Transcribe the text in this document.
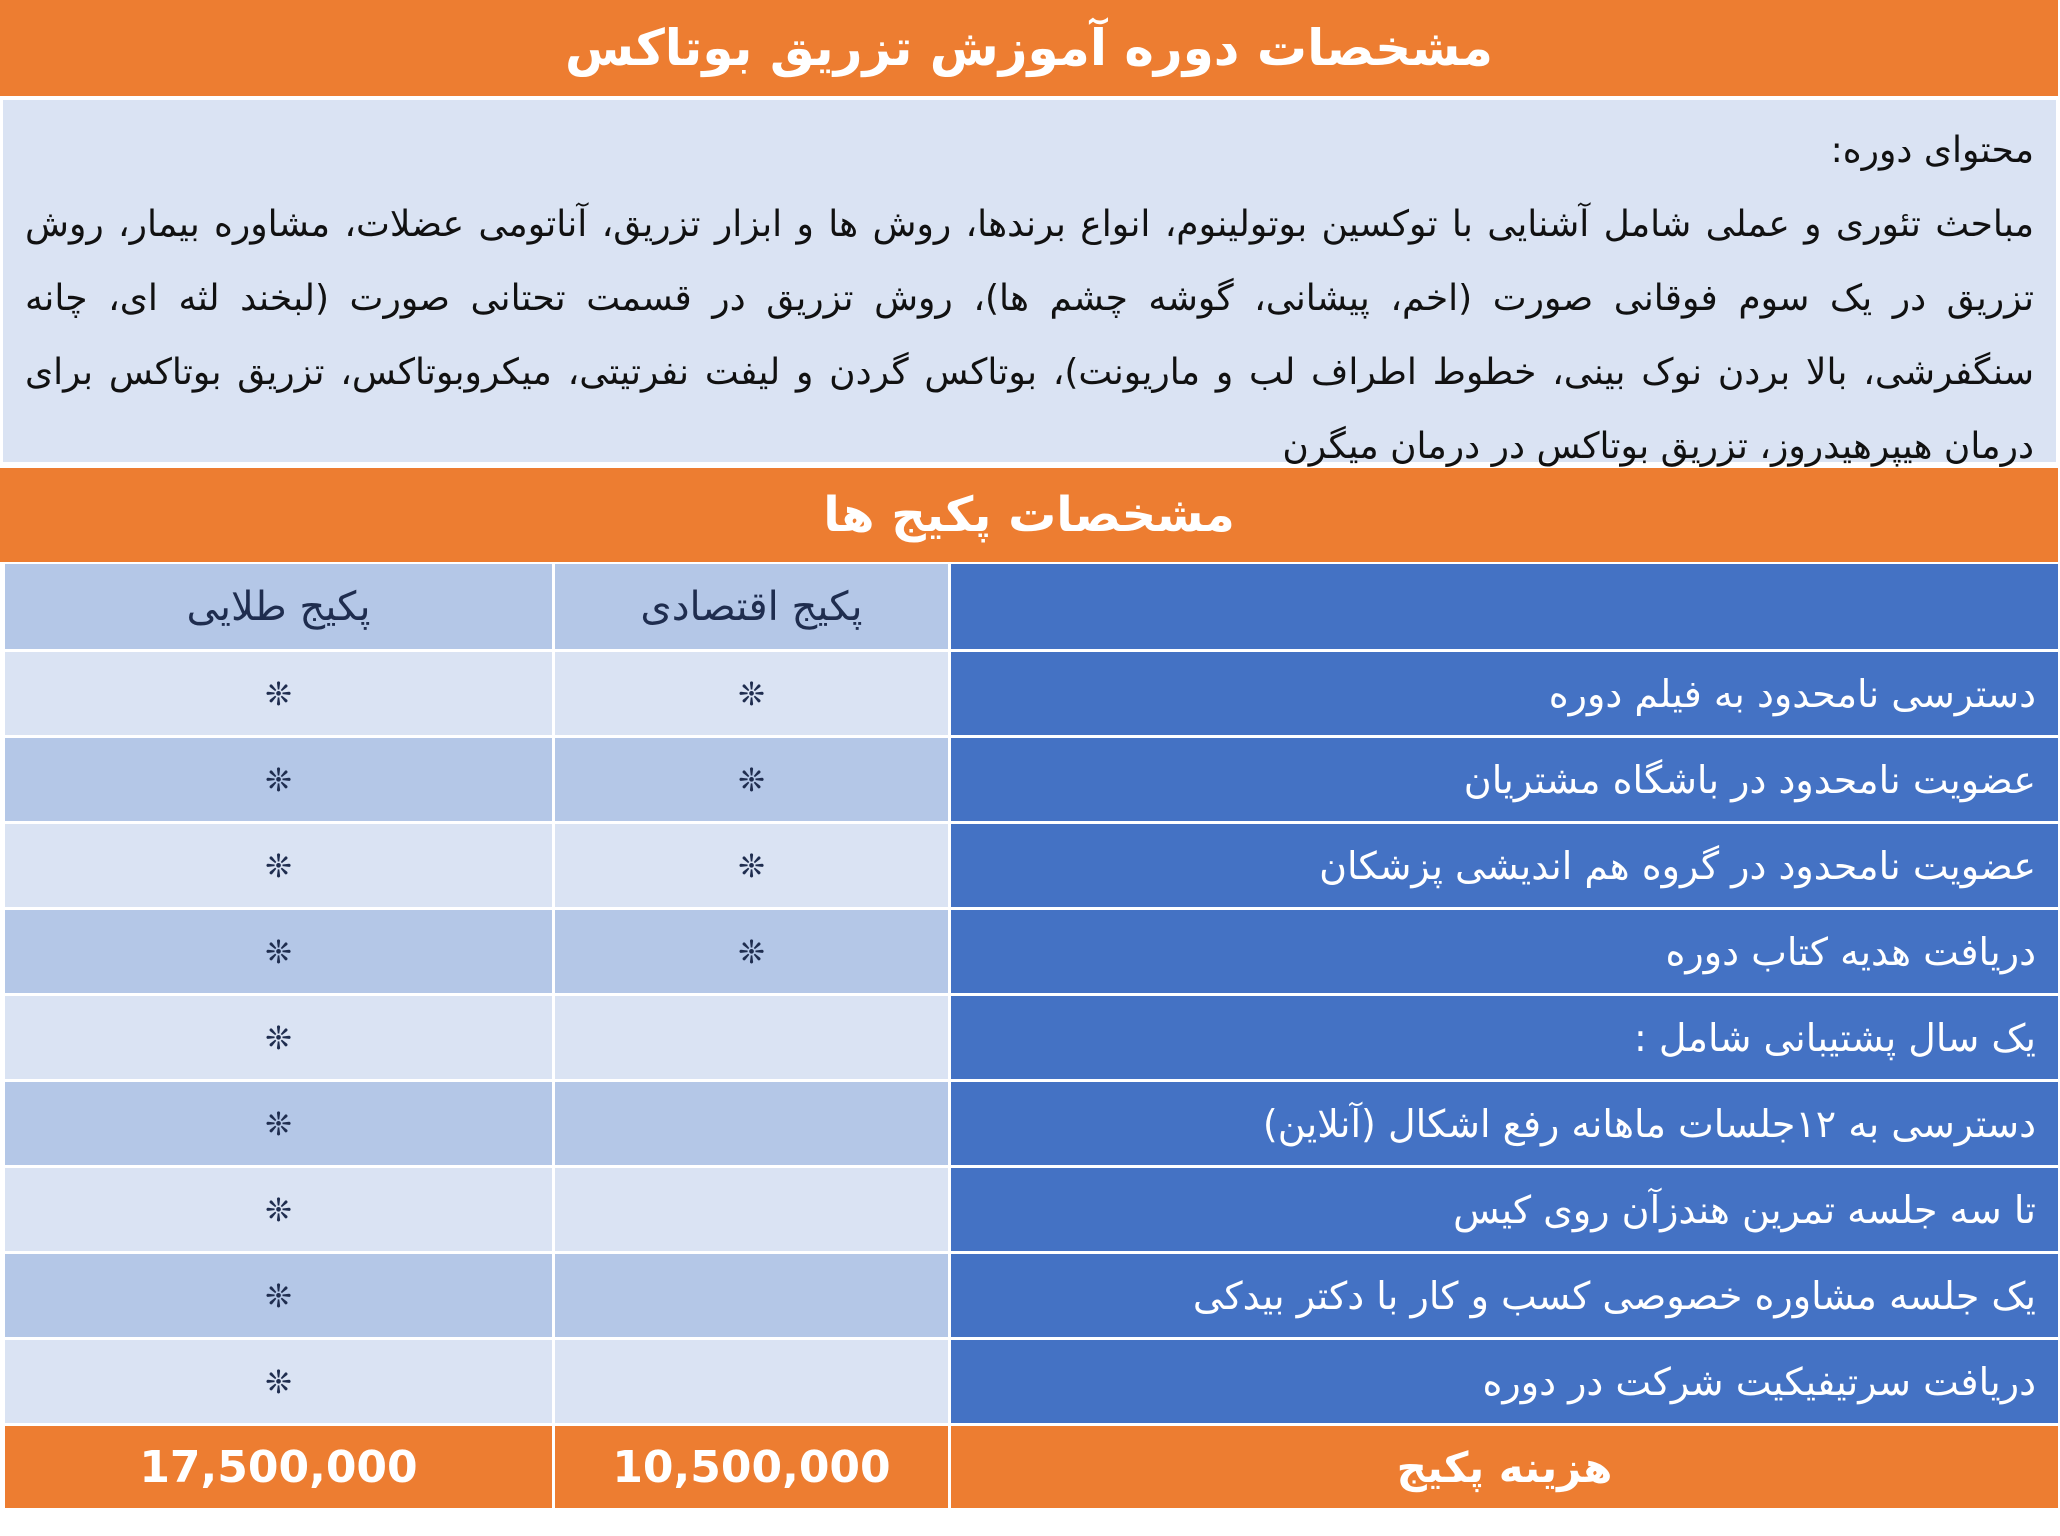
مشخصات دوره آموزش تزریق بوتاکس
محتوای دوره:
مباحث تئوری و عملی شامل آشنایی با توکسین بوتولینوم، انواع برندها، روش ها و ابزار تزریق، آناتومی عضلات، مشاوره بیمار، روش تزریق در یک سوم فوقانی صورت (اخم، پیشانی، گوشه چشم ها)، روش تزریق در قسمت تحتانی صورت (لبخند لثه ای، چانه سنگفرشی، بالا بردن نوک بینی، خطوط اطراف لب و ماریونت)، بوتاکس گردن و لیفت نفرتیتی، میکروبوتاکس، تزریق بوتاکس برای درمان هیپرهیدروز، تزریق بوتاکس در درمان میگرن
مشخصات پکیج ها
	پکیج اقتصادی	پکیج طلایی
دسترسی نامحدود به فیلم دوره	❊	❊
عضویت نامحدود در باشگاه مشتریان	❊	❊
عضویت نامحدود در گروه هم اندیشی پزشکان	❊	❊
دریافت هدیه کتاب دوره	❊	❊
یک سال پشتیبانی شامل :		❊
دسترسی به ۱۲جلسات ماهانه رفع اشکال (آنلاین)		❊
تا سه جلسه تمرین هندزآن روی کیس		❊
یک جلسه مشاوره خصوصی کسب و کار با دکتر بیدکی		❊
دریافت سرتیفیکیت شرکت در دوره		❊
هزینه پکیج	10,500,000	17,500,000
